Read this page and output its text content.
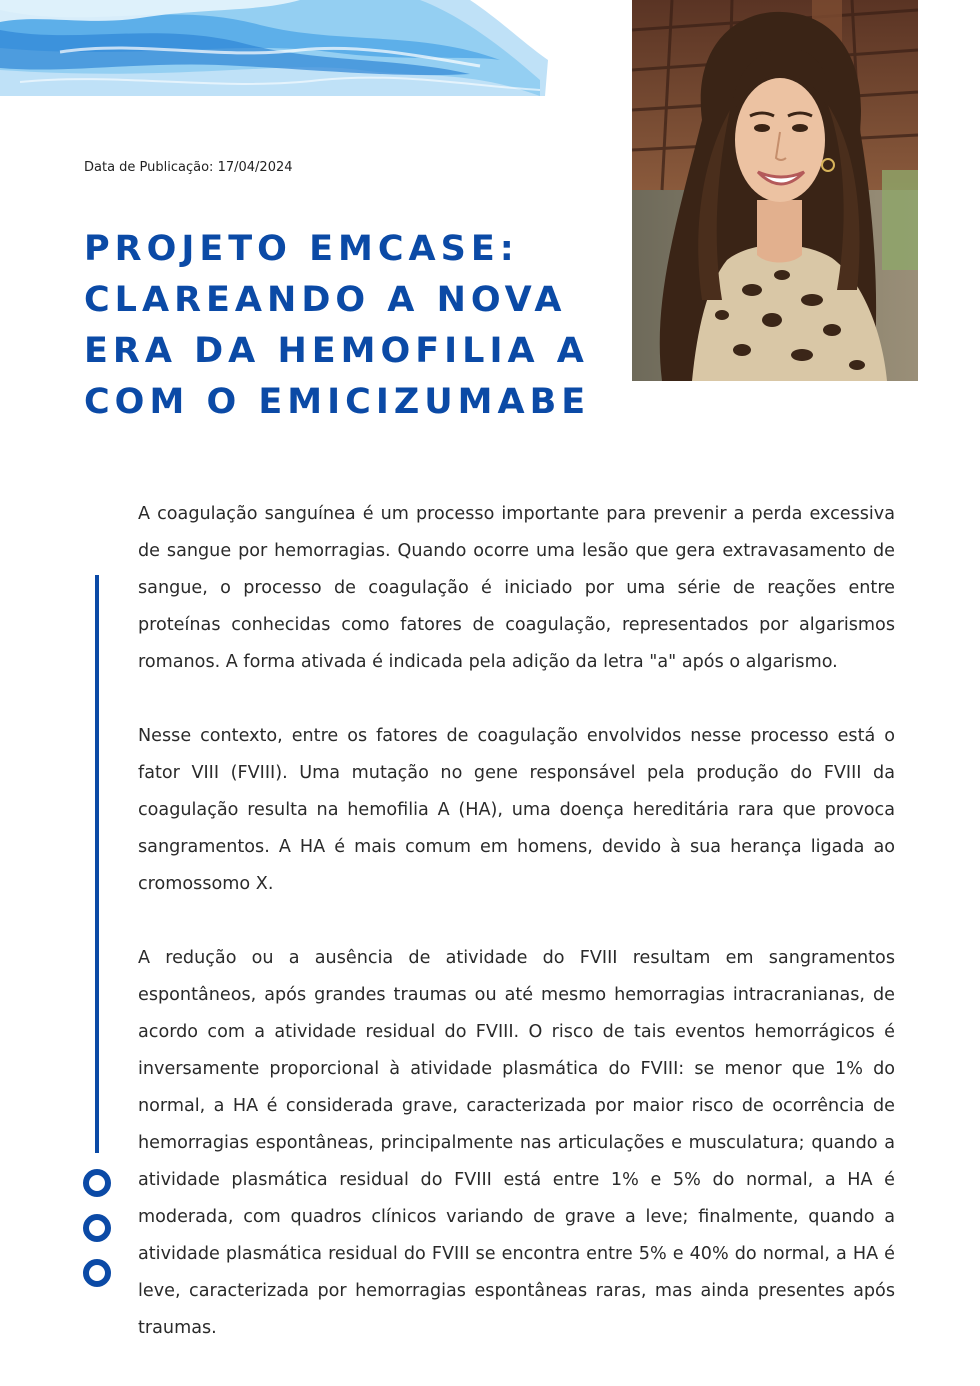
Data de Publicação: 17/04/2024
PROJETO EMCASE: CLAREANDO A NOVA ERA DA HEMOFILIA A COM O EMICIZUMABE

A coagulação sanguínea é um processo importante para prevenir a perda excessiva de sangue por hemorragias. Quando ocorre uma lesão que gera extravasamento de sangue, o processo de coagulação é iniciado por uma série de reações entre proteínas conhecidas como fatores de coagulação, representados por algarismos romanos. A forma ativada é indicada pela adição da letra "a" após o algarismo.

Nesse contexto, entre os fatores de coagulação envolvidos nesse processo está o fator VIII (FVIII). Uma mutação no gene responsável pela produção do FVIII da coagulação resulta na hemofilia A (HA), uma doença hereditária rara que provoca sangramentos. A HA é mais comum em homens, devido à sua herança ligada ao cromossomo X.

A redução ou a ausência de atividade do FVIII resultam em sangramentos espontâneos, após grandes traumas ou até mesmo hemorragias intracranianas, de acordo com a atividade residual do FVIII. O risco de tais eventos hemorrágicos é inversamente proporcional à atividade plasmática do FVIII: se menor que 1% do normal, a HA é considerada grave, caracterizada por maior risco de ocorrência de hemorragias espontâneas, principalmente nas articulações e musculatura; quando a atividade plasmática residual do FVIII está entre 1% e 5% do normal, a HA é moderada, com quadros clínicos variando de grave a leve; finalmente, quando a atividade plasmática residual do FVIII se encontra entre 5% e 40% do normal, a HA é leve, caracterizada por hemorragias espontâneas raras, mas ainda presentes após traumas.
